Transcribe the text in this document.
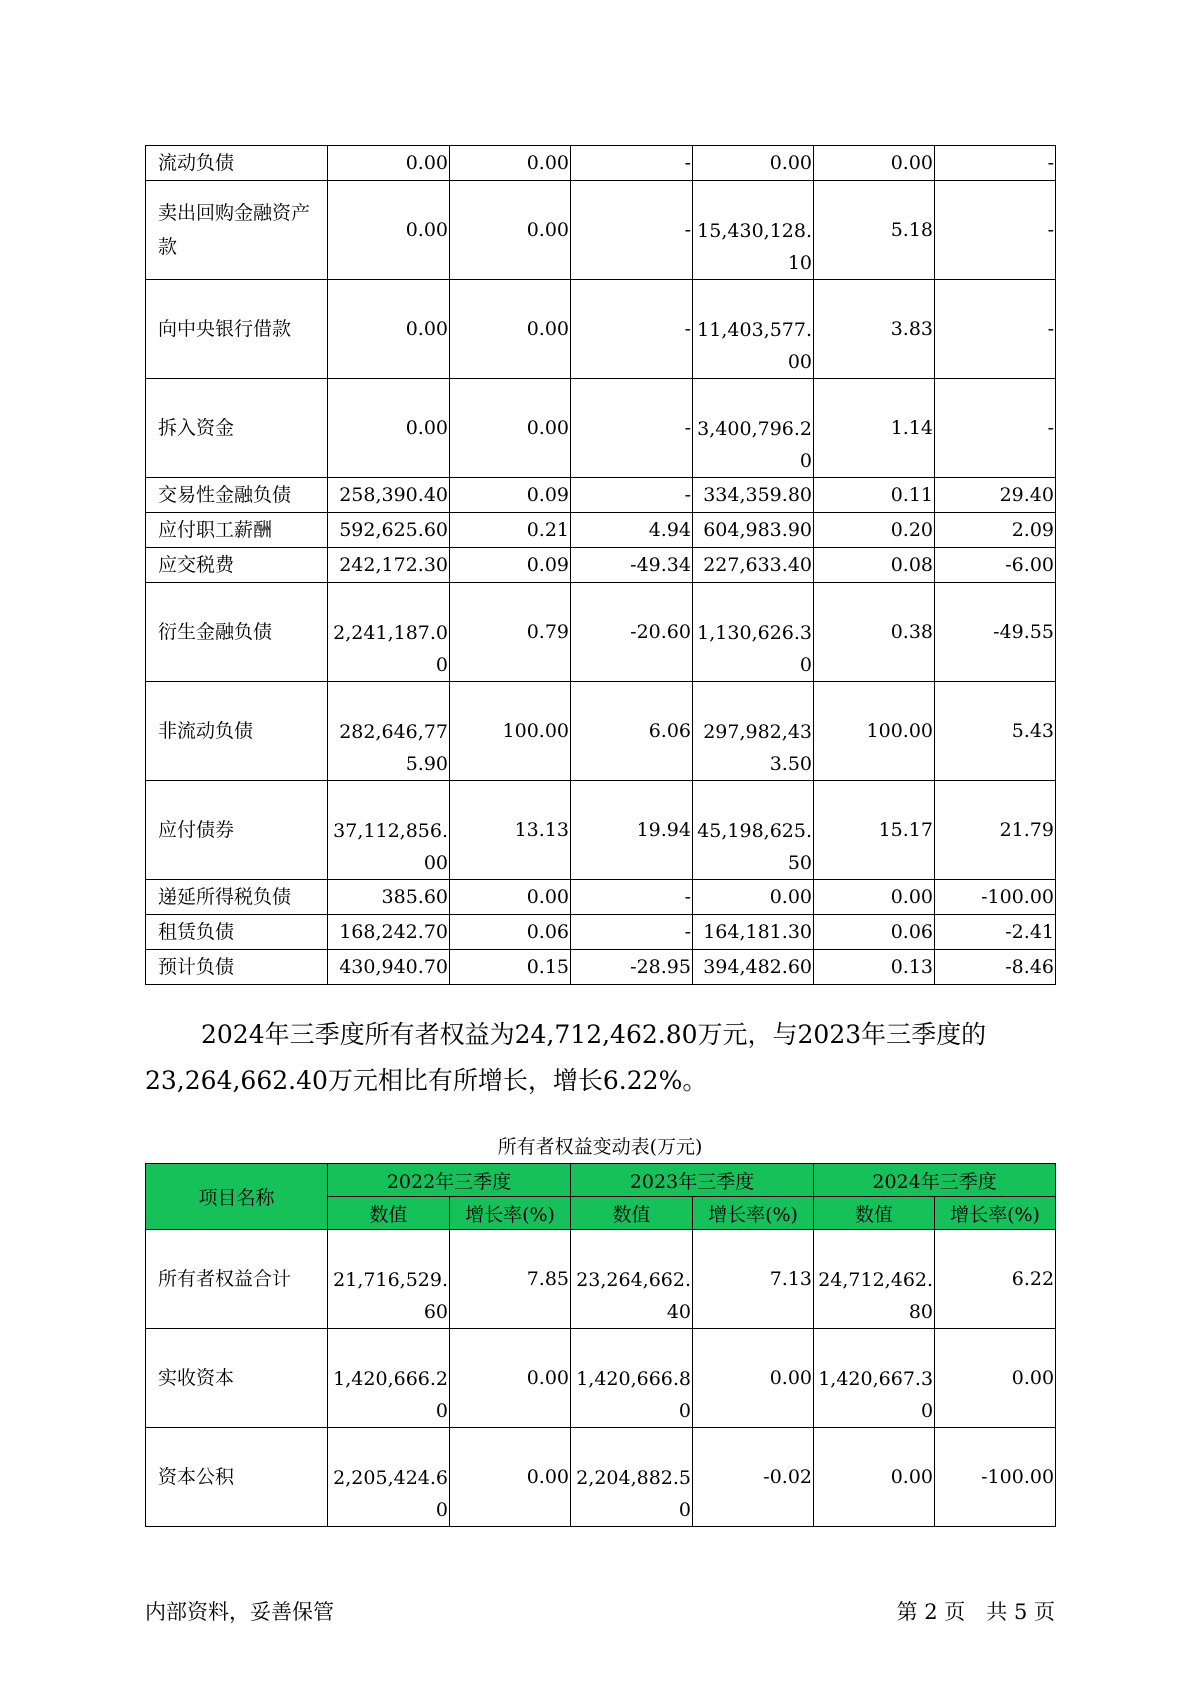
流动负债	0.00	0.00	-	0.00	0.00	-
卖出回购金融资产款	0.00	0.00	-	15,430,128.10	5.18	-
向中央银行借款	0.00	0.00	-	11,403,577.00	3.83	-
拆入资金	0.00	0.00	-	3,400,796.20	1.14	-
交易性金融负债	258,390.40	0.09	-	334,359.80	0.11	29.40
应付职工薪酬	592,625.60	0.21	4.94	604,983.90	0.20	2.09
应交税费	242,172.30	0.09	-49.34	227,633.40	0.08	-6.00
衍生金融负债	2,241,187.00	0.79	-20.60	1,130,626.30	0.38	-49.55
非流动负债	282,646,775.90	100.00	6.06	297,982,433.50	100.00	5.43
应付债券	37,112,856.00	13.13	19.94	45,198,625.50	15.17	21.79
递延所得税负债	385.60	0.00	-	0.00	0.00	-100.00
租赁负债	168,242.70	0.06	-	164,181.30	0.06	-2.41
预计负债	430,940.70	0.15	-28.95	394,482.60	0.13	-8.46

2024年三季度所有者权益为24,712,462.80万元，与2023年三季度的23,264,662.40万元相比有所增长，增长6.22%。

所有者权益变动表(万元)

项目名称	2022年三季度		2023年三季度		2024年三季度	
	数值	增长率(%)	数值	增长率(%)	数值	增长率(%)
所有者权益合计	21,716,529.60	7.85	23,264,662.40	7.13	24,712,462.80	6.22
实收资本	1,420,666.20	0.00	1,420,666.80	0.00	1,420,667.30	0.00
资本公积	2,205,424.60	0.00	2,204,882.50	-0.02	0.00	-100.00
内部资料，妥善保管	第 2 页　共 5 页
